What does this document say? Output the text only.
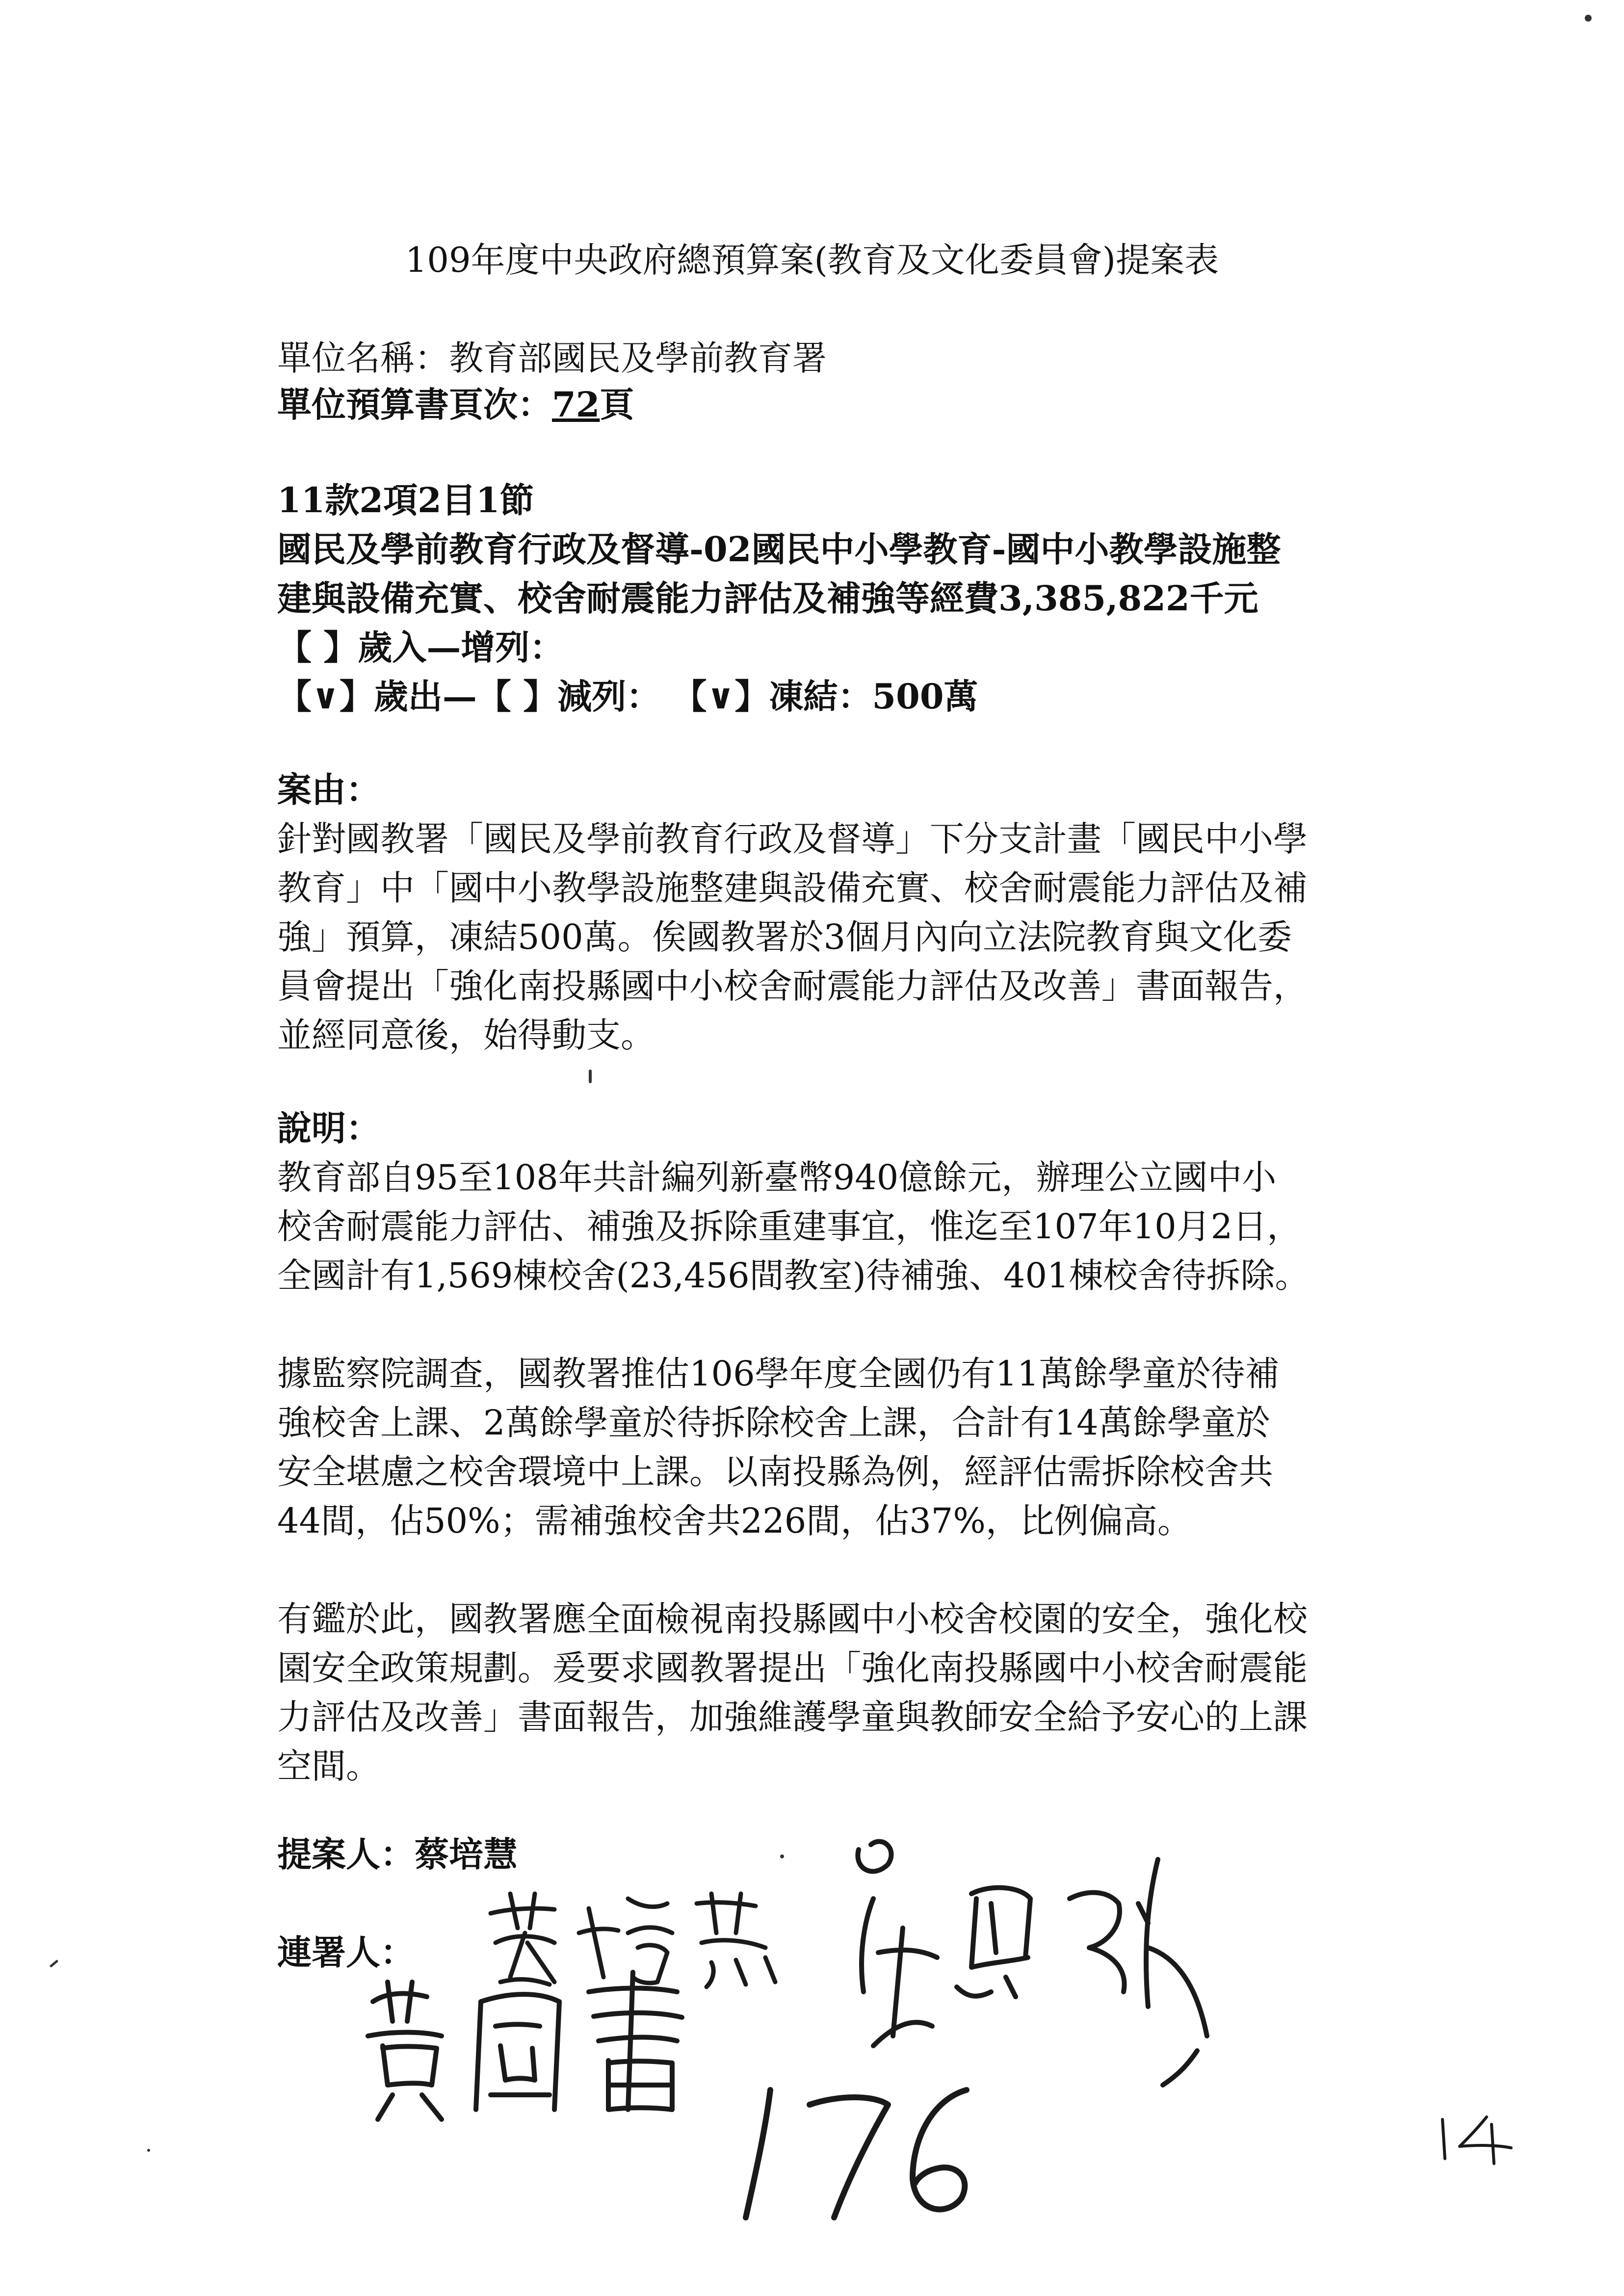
109年度中央政府總預算案(教育及文化委員會)提案表
單位名稱：教育部國民及學前教育署
單位預算書頁次：72頁
11款2項2目1節
國民及學前教育行政及督導-02國民中小學教育-國中小教學設施整
建與設備充實、校舍耐震能力評估及補強等經費3,385,822千元
【 】歲入—增列：
【∨】歲出—【 】減列： 【∨】凍結：500萬
案由：
針對國教署「國民及學前教育行政及督導」下分支計畫「國民中小學
教育」中「國中小教學設施整建與設備充實、校舍耐震能力評估及補
強」預算，凍結500萬。俟國教署於3個月內向立法院教育與文化委
員會提出「強化南投縣國中小校舍耐震能力評估及改善」書面報告，
並經同意後，始得動支。
說明：
教育部自95至108年共計編列新臺幣940億餘元，辦理公立國中小
校舍耐震能力評估、補強及拆除重建事宜，惟迄至107年10月2日，
全國計有1,569棟校舍(23,456間教室)待補強、401棟校舍待拆除。
據監察院調查，國教署推估106學年度全國仍有11萬餘學童於待補
強校舍上課、2萬餘學童於待拆除校舍上課，合計有14萬餘學童於
安全堪慮之校舍環境中上課。以南投縣為例，經評估需拆除校舍共
44間，佔50%；需補強校舍共226間，佔37%，比例偏高。
有鑑於此，國教署應全面檢視南投縣國中小校舍校園的安全，強化校
園安全政策規劃。爰要求國教署提出「強化南投縣國中小校舍耐震能
力評估及改善」書面報告，加強維護學童與教師安全給予安心的上課
空間。
提案人：蔡培慧
連署人：
